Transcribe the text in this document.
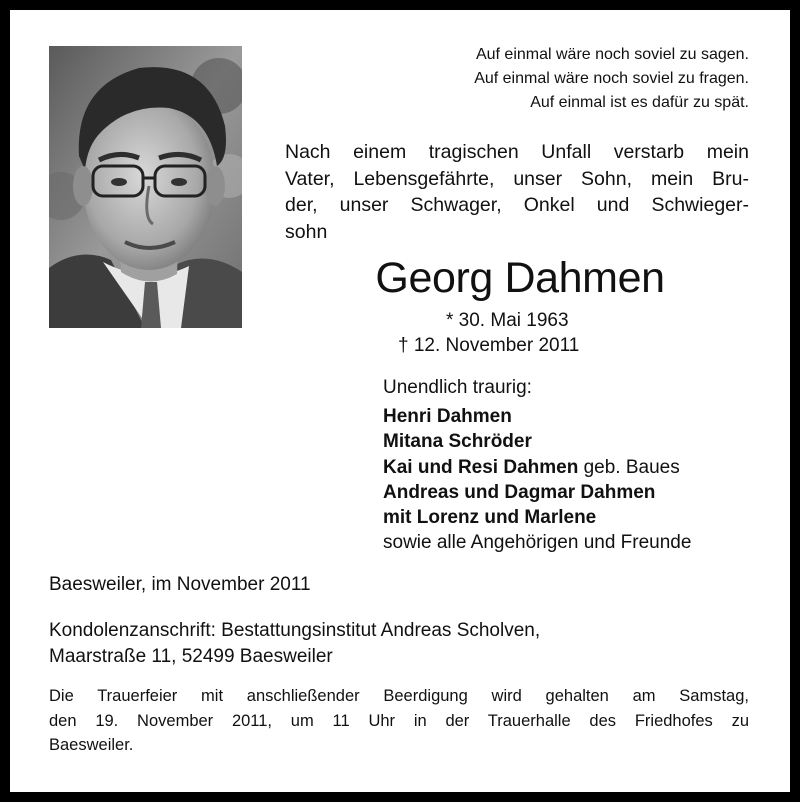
Auf einmal wäre noch soviel zu sagen.
Auf einmal wäre noch soviel zu fragen.
Auf einmal ist es dafür zu spät.
Nach einem tragischen Unfall verstarb mein
Vater, Lebensgefährte, unser Sohn, mein Bru-
der, unser Schwager, Onkel und Schwieger-
sohn
Georg Dahmen
* 30. Mai 1963
† 12. November 2011
Unendlich traurig:
Henri Dahmen
Mitana Schröder
Kai und Resi Dahmen geb. Baues
Andreas und Dagmar Dahmen
mit Lorenz und Marlene
sowie alle Angehörigen und Freunde
Baesweiler, im November 2011
Kondolenzanschrift: Bestattungsinstitut Andreas Scholven,
Maarstraße 11, 52499 Baesweiler
Die Trauerfeier mit anschließender Beerdigung wird gehalten am Samstag,
den 19. November 2011, um 11 Uhr in der Trauerhalle des Friedhofes zu
Baesweiler.
